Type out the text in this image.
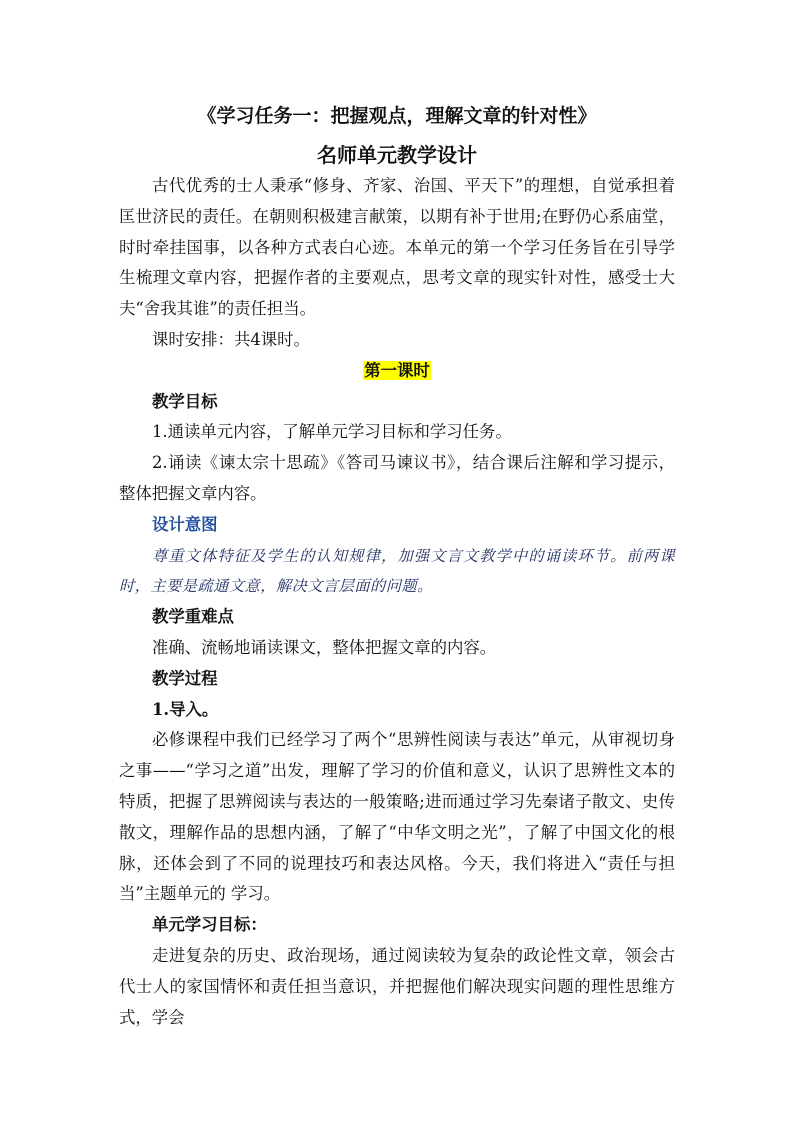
《学习任务一：把握观点，理解文章的针对性》
名师单元教学设计

古代优秀的士人秉承“修身、齐家、治国、平天下”的理想，自觉承担着匡世济民的责任。在朝则积极建言献策，以期有补于世用;在野仍心系庙堂，时时牵挂国事，以各种方式表白心迹。本单元的第一个学习任务旨在引导学生梳理文章内容，把握作者的主要观点，思考文章的现实针对性，感受士大夫“舍我其谁”的责任担当。

课时安排：共4课时。

第一课时

教学目标

1.通读单元内容，了解单元学习目标和学习任务。

2.诵读《谏太宗十思疏》《答司马谏议书》，结合课后注解和学习提示，整体把握文章内容。

设计意图

尊重文体特征及学生的认知规律，加强文言文教学中的诵读环节。前两课时，主要是疏通文意，解决文言层面的问题。

教学重难点

准确、流畅地诵读课文，整体把握文章的内容。

教学过程

1.导入。

必修课程中我们已经学习了两个“思辨性阅读与表达”单元，从审视切身之事——“学习之道”出发，理解了学习的价值和意义，认识了思辨性文本的特质，把握了思辨阅读与表达的一般策略;进而通过学习先秦诸子散文、史传散文，理解作品的思想内涵，了解了“中华文明之光”，了解了中国文化的根脉，还体会到了不同的说理技巧和表达风格。今天，我们将进入“责任与担当”主题单元的 学习。

单元学习目标：

走进复杂的历史、政治现场，通过阅读较为复杂的政论性文章，领会古代士人的家国情怀和责任担当意识，并把握他们解决现实问题的理性思维方式，学会
